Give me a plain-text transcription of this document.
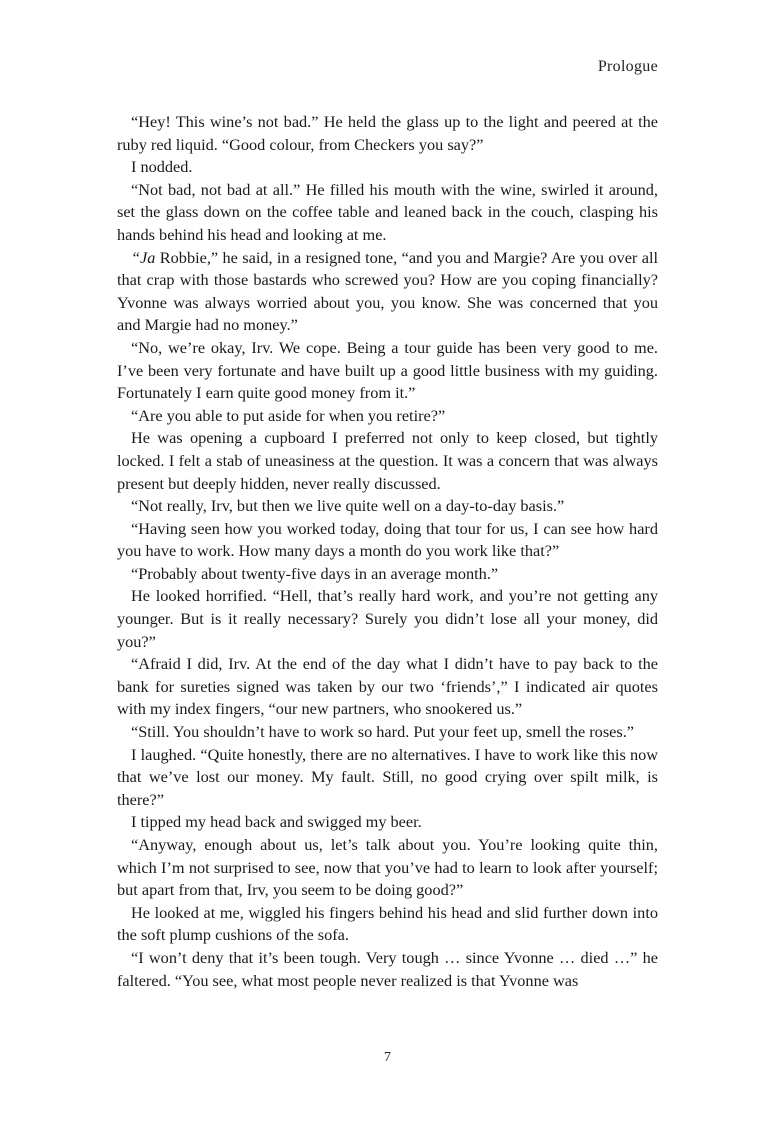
Prologue

“Hey! This wine’s not bad.” He held the glass up to the light and peered at the ruby red liquid. “Good colour, from Checkers you say?”

I nodded.

“Not bad, not bad at all.” He filled his mouth with the wine, swirled it around, set the glass down on the coffee table and leaned back in the couch, clasping his hands behind his head and looking at me.

“Ja Robbie,” he said, in a resigned tone, “and you and Margie? Are you over all that crap with those bastards who screwed you? How are you coping financially? Yvonne was always worried about you, you know. She was concerned that you and Margie had no money.”

“No, we’re okay, Irv. We cope. Being a tour guide has been very good to me. I’ve been very fortunate and have built up a good little business with my guiding. Fortunately I earn quite good money from it.”

“Are you able to put aside for when you retire?”

He was opening a cupboard I preferred not only to keep closed, but tightly locked. I felt a stab of uneasiness at the question. It was a concern that was always present but deeply hidden, never really discussed.

“Not really, Irv, but then we live quite well on a day-to-day basis.”

“Having seen how you worked today, doing that tour for us, I can see how hard you have to work. How many days a month do you work like that?”

“Probably about twenty-five days in an average month.”

He looked horrified. “Hell, that’s really hard work, and you’re not getting any younger. But is it really necessary? Surely you didn’t lose all your money, did you?”

“Afraid I did, Irv. At the end of the day what I didn’t have to pay back to the bank for sureties signed was taken by our two ‘friends’,” I indicated air quotes with my index fingers, “our new partners, who snookered us.”

“Still. You shouldn’t have to work so hard. Put your feet up, smell the roses.”

I laughed. “Quite honestly, there are no alternatives. I have to work like this now that we’ve lost our money. My fault. Still, no good crying over spilt milk, is there?”

I tipped my head back and swigged my beer.

“Anyway, enough about us, let’s talk about you. You’re looking quite thin, which I’m not surprised to see, now that you’ve had to learn to look after yourself; but apart from that, Irv, you seem to be doing good?”

He looked at me, wiggled his fingers behind his head and slid further down into the soft plump cushions of the sofa.

“I won’t deny that it’s been tough. Very tough … since Yvonne … died …” he faltered. “You see, what most people never realized is that Yvonne was

7
